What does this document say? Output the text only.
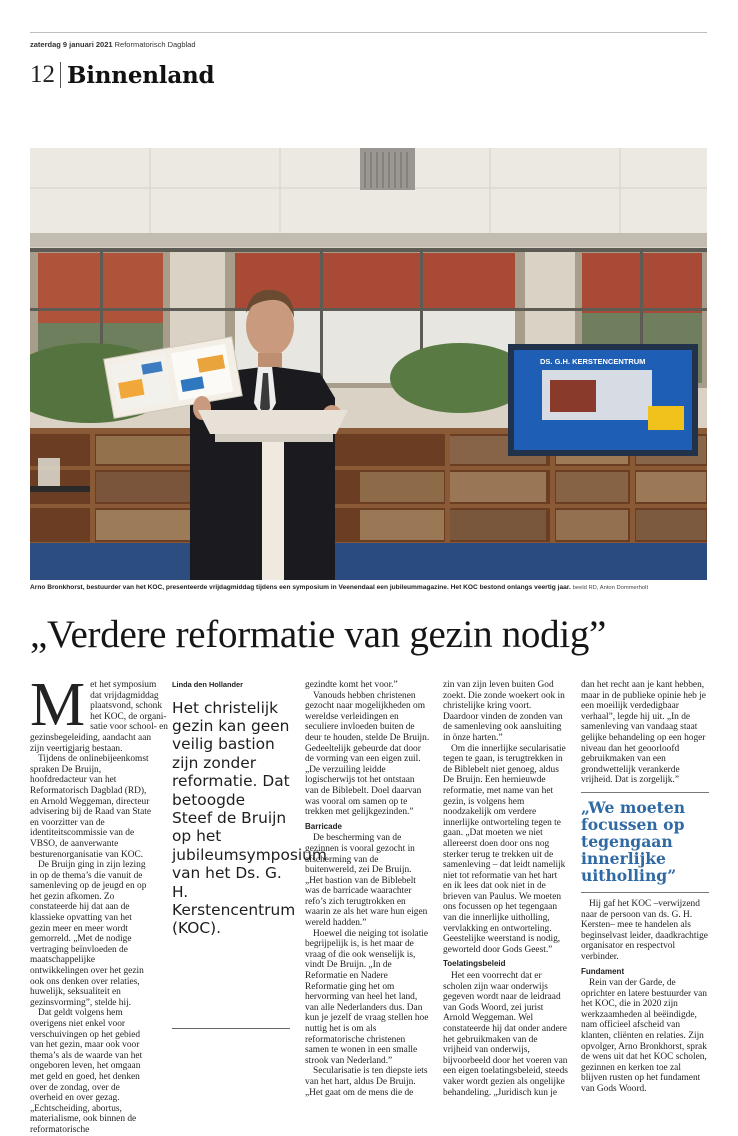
zaterdag 9 januari 2021 Reformatorisch Dagblad
12 Binnenland
DS. G.H. KERSTENCENTRUM
Arno Bronkhorst, bestuurder van het KOC, presenteerde vrijdagmiddag tijdens een symposium in Veenendaal een jubileummagazine. Het KOC bestond onlangs veertig jaar. beeld RD, Anton Dommerholt
„Verdere reformatie van gezin nodig”
M et het symposium
dat vrijdagmiddag
plaatsvond, schonk
het KOC, de organi-
satie voor school- en

gezinsbegeleiding, aandacht aan zijn veertigjarig bestaan.

Tijdens de onlinebijeenkomst spraken De Bruijn, hoofdredacteur van het Reformatorisch Dagblad (RD), en Arnold Weggeman, directeur advisering bij de Raad van State en voorzitter van de identiteitscommissie van de VBSO, de aanverwante besturenorganisatie van KOC.

De Bruijn ging in zijn lezing in op de thema’s die vanuit de samenleving op de jeugd en op het gezin afkomen. Zo constateerde hij dat aan de klassieke opvatting van het gezin meer en meer wordt gemorreld. „Met de nodige vertraging beïnvloeden de maatschappelijke ontwikkelingen over het gezin ook ons denken over relaties, huwelijk, seksualiteit en gezinsvorming”, stelde hij.

Dat geldt volgens hem overigens niet enkel voor verschuivingen op het gebied van het gezin, maar ook voor thema’s als de waarde van het ongeboren leven, het omgaan met geld en goed, het denken over de zondag, over de overheid en over gezag. „Echtscheiding, abortus, materialisme, ook binnen de reformatorische

Linda den Hollander
Het christelijk gezin kan geen veilig bastion zijn zonder reformatie. Dat betoogde Steef de Bruijn op het jubileumsymposium van het Ds. G. H. Kerstencentrum (KOC).

gezindte komt het voor.”

Vanouds hebben christenen gezocht naar mogelijkheden om wereldse verleidingen en seculiere invloeden buiten de deur te houden, stelde De Bruijn. Gedeeltelijk gebeurde dat door de vorming van een eigen zuil. „De verzuiling leidde logischerwijs tot het ontstaan van de Biblebelt. Doel daarvan was vooral om samen op te trekken met gelijkgezinden.”

Barricade

De bescherming van de gezinnen is vooral gezocht in afscherming van de buitenwereld, zei De Bruijn. „Het bastion van de Biblebelt was de barricade waarachter refo’s zich terugtrokken en waarin ze als het ware hun eigen wereld hadden.”

Hoewel die neiging tot isolatie begrijpelijk is, is het maar de vraag of die ook wenselijk is, vindt De Bruijn. „In de Reformatie en Nadere Reformatie ging het om hervorming van heel het land, van alle Nederlanders dus. Dan kun je jezelf de vraag stellen hoe nuttig het is om als reformatorische christenen samen te wonen in een smalle strook van Nederland.”

Secularisatie is ten diepste iets van het hart, aldus De Bruijn. „Het gaat om de mens die de

zin van zijn leven buiten God zoekt. Die zonde woekert ook in christelijke kring voort. Daardoor vinden de zonden van de samenleving ook aansluiting in önze harten.”

Om die innerlijke secularisatie tegen te gaan, is terugtrekken in de Biblebelt niet genoeg, aldus De Bruijn. Een hernieuwde reformatie, met name van het gezin, is volgens hem noodzakelijk om verdere innerlijke ontworteling tegen te gaan. „Dat moeten we niet allereerst doen door ons nog sterker terug te trekken uit de samenleving – dat leidt namelijk niet tot reformatie van het hart en ik lees dat ook niet in de brieven van Paulus. We moeten ons focussen op het tegengaan van die innerlijke uitholling, vervlakking en ontworteling. Geestelijke weerstand is nodig, geworteld door Gods Geest.”

Toelatingsbeleid

Het een voorrecht dat er scholen zijn waar onderwijs gegeven wordt naar de leidraad van Gods Woord, zei jurist Arnold Weggeman. Wel constateerde hij dat onder andere het gebruikmaken van de vrijheid van onderwijs, bijvoorbeeld door het voeren van een eigen toelatingsbeleid, steeds vaker wordt gezien als ongelijke behandeling. „Juridisch kun je

dan het recht aan je kant hebben, maar in de publieke opinie heb je een moeilijk verdedigbaar verhaal”, legde hij uit. „In de samenleving van vandaag staat gelijke behandeling op een hoger niveau dan het geoorloofd gebruikmaken van een grondwettelijk verankerde vrijheid. Dat is zorgelijk.”

„We moeten focussen op tegengaan innerlijke uitholling”

Hij gaf het KOC –verwijzend naar de persoon van ds. G. H. Kersten– mee te handelen als beginselvast leider, daadkrachtige organisator en respectvol verbinder.

Fundament

Rein van der Garde, de oprichter en latere bestuurder van het KOC, die in 2020 zijn werkzaamheden al beëindigde, nam officieel afscheid van klanten, cliënten en relaties. Zijn opvolger, Arno Bronkhorst, sprak de wens uit dat het KOC scholen, gezinnen en kerken toe zal blijven rusten op het fundament van Gods Woord.
